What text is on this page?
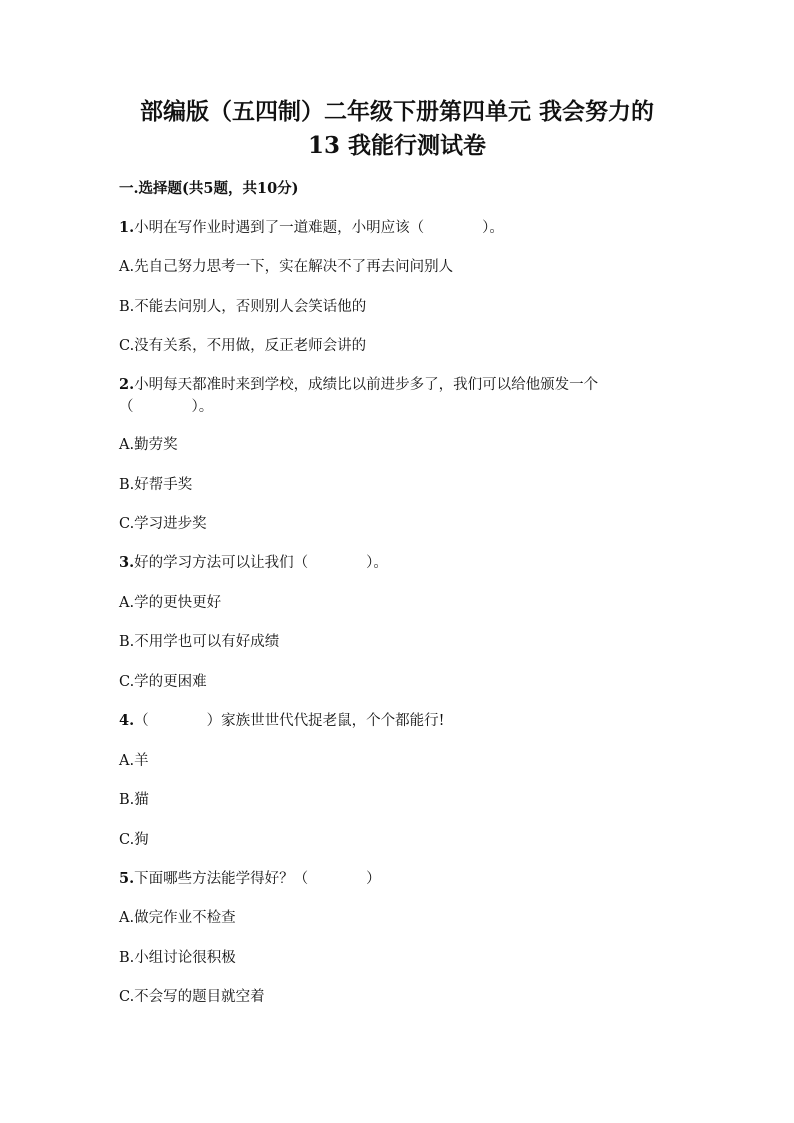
部编版（五四制）二年级下册第四单元 我会努力的
13 我能行测试卷

一.选择题(共5题，共10分)

1.小明在写作业时遇到了一道难题，小明应该（　　　　）。

A.先自己努力思考一下，实在解决不了再去问问别人

B.不能去问别人，否则别人会笑话他的

C.没有关系，不用做，反正老师会讲的

2.小明每天都准时来到学校，成绩比以前进步多了，我们可以给他颁发一个

（　　　　）。

A.勤劳奖

B.好帮手奖

C.学习进步奖

3.好的学习方法可以让我们（　　　　）。

A.学的更快更好

B.不用学也可以有好成绩

C.学的更困难

4.（　　　　）家族世世代代捉老鼠，个个都能行!

A.羊

B.猫

C.狗

5.下面哪些方法能学得好？（　　　　）

A.做完作业不检查

B.小组讨论很积极

C.不会写的题目就空着
